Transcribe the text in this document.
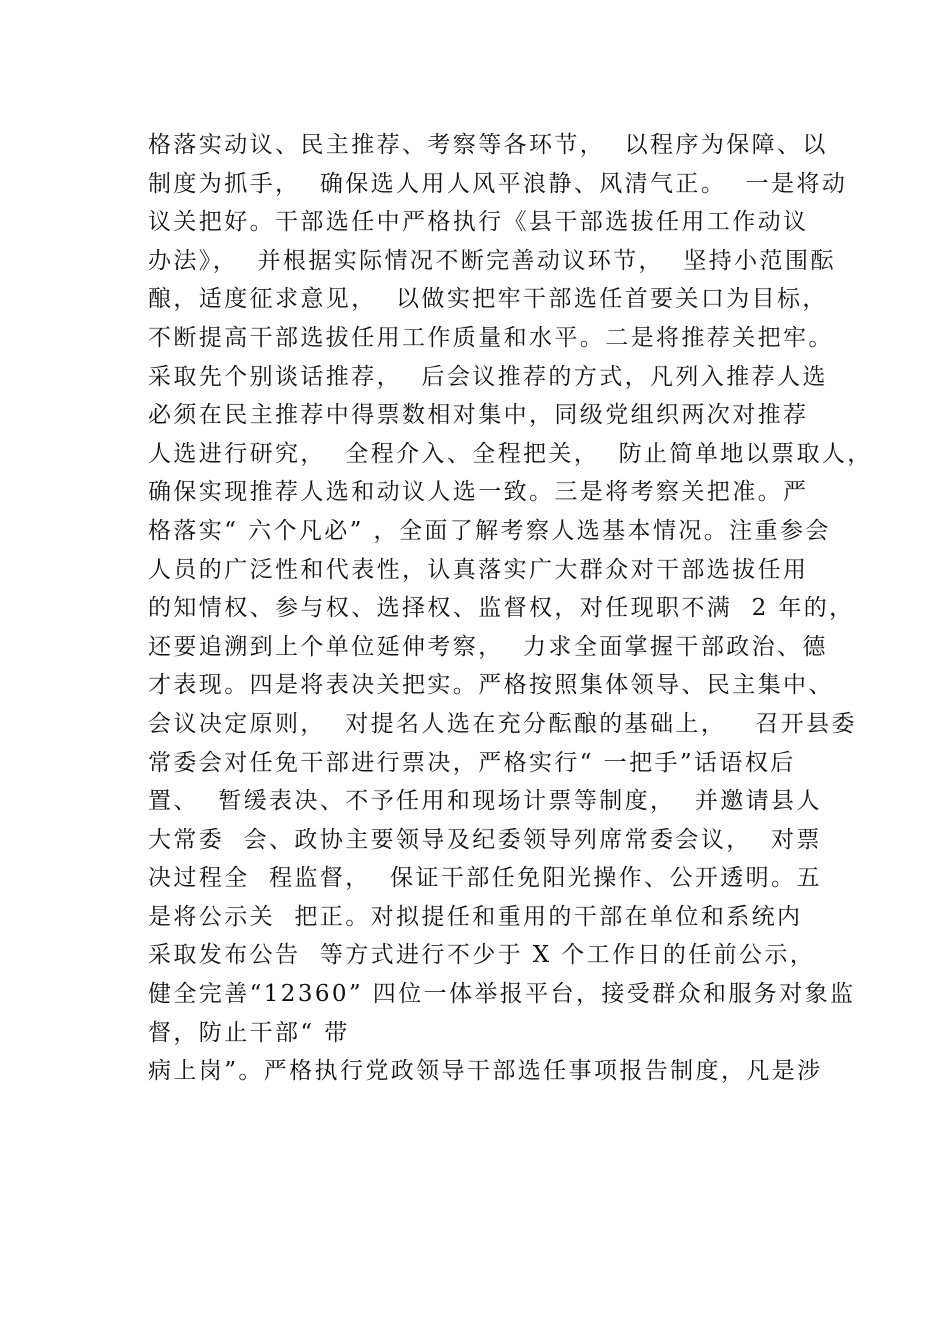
格落实动议、民主推荐、考察等各环节，  以程序为保障、以

制度为抓手，  确保选人用人风平浪静、风清气正。  一是将动

议关把好。干部选任中严格执行《县干部选拔任用工作动议

办法》，  并根据实际情况不断完善动议环节，  坚持小范围酝

酿，适度征求意见，  以做实把牢干部选任首要关口为目标，

不断提高干部选拔任用工作质量和水平。二是将推荐关把牢。

采取先个别谈话推荐，  后会议推荐的方式，凡列入推荐人选

必须在民主推荐中得票数相对集中，同级党组织两次对推荐

人选进行研究，  全程介入、全程把关，  防止简单地以票取人，

确保实现推荐人选和动议人选一致。三是将考察关把准。严

格落实“ 六个凡必” ，全面了解考察人选基本情况。注重参会

人员的广泛性和代表性，认真落实广大群众对干部选拔任用

的知情权、参与权、选择权、监督权，对任现职不满  2 年的，

还要追溯到上个单位延伸考察，  力求全面掌握干部政治、德

才表现。四是将表决关把实。严格按照集体领导、民主集中、

会议决定原则，  对提名人选在充分酝酿的基础上，   召开县委

常委会对任免干部进行票决，严格实行“ 一把手”话语权后

置、  暂缓表决、不予任用和现场计票等制度，  并邀请县人

大常委  会、政协主要领导及纪委领导列席常委会议，  对票

决过程全  程监督，  保证干部任免阳光操作、公开透明。五

是将公示关  把正。对拟提任和重用的干部在单位和系统内

采取发布公告  等方式进行不少于 X 个工作日的任前公示，

健全完善“12360” 四位一体举报平台，接受群众和服务对象监

督，防止干部“ 带

病上岗”。严格执行党政领导干部选任事项报告制度，凡是涉
